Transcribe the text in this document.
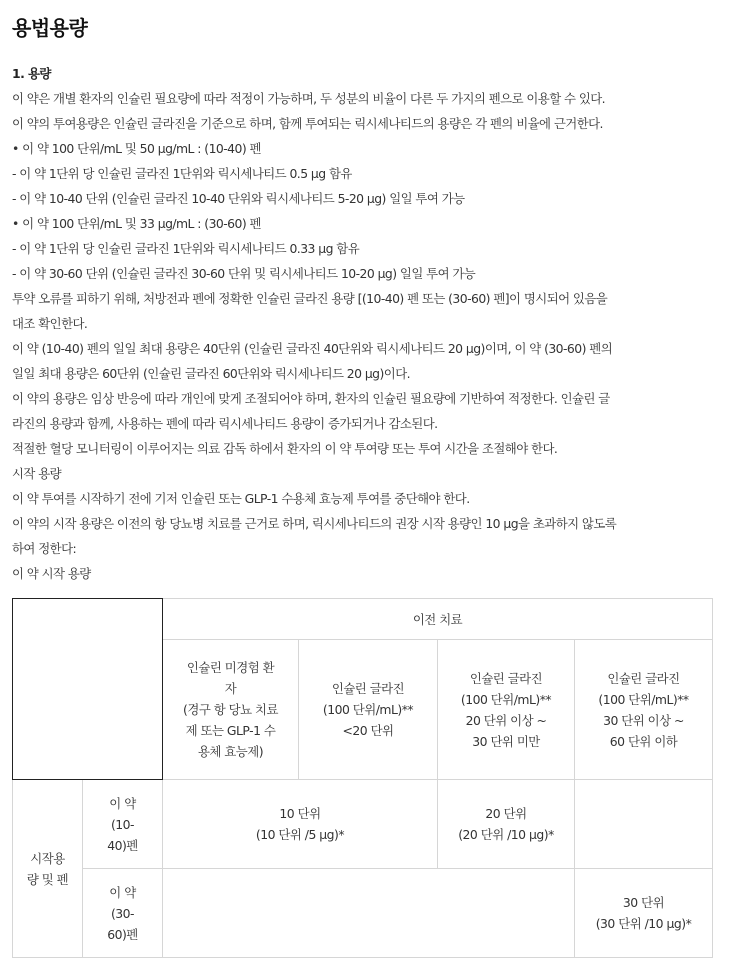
용법용량

1. 용량

이 약은 개별 환자의 인슐린 필요량에 따라 적정이 가능하며, 두 성분의 비율이 다른 두 가지의 펜으로 이용할 수 있다.

이 약의 투여용량은 인슐린 글라진을 기준으로 하며, 함께 투여되는 릭시세나티드의 용량은 각 펜의 비율에 근거한다.

• 이 약 100 단위/mL 및 50 μg/mL : (10-40) 펜

- 이 약 1단위 당 인슐린 글라진 1단위와 릭시세나티드 0.5 μg 함유

- 이 약 10-40 단위 (인슐린 글라진 10-40 단위와 릭시세나티드 5-20 μg) 일일 투여 가능

• 이 약 100 단위/mL 및 33 μg/mL : (30-60) 펜

- 이 약 1단위 당 인슐린 글라진 1단위와 릭시세나티드 0.33 μg 함유

- 이 약 30-60 단위 (인슐린 글라진 30-60 단위 및 릭시세나티드 10-20 μg) 일일 투여 가능

투약 오류를 피하기 위해, 처방전과 펜에 정확한 인슐린 글라진 용량 [(10-40) 펜 또는 (30-60) 펜]이 명시되어 있음을

대조 확인한다.

이 약 (10-40) 펜의 일일 최대 용량은 40단위 (인슐린 글라진 40단위와 릭시세나티드 20 μg)이며, 이 약 (30-60) 펜의

일일 최대 용량은 60단위 (인슐린 글라진 60단위와 릭시세나티드 20 μg)이다.

이 약의 용량은 임상 반응에 따라 개인에 맞게 조절되어야 하며, 환자의 인슐린 필요량에 기반하여 적정한다. 인슐린 글

라진의 용량과 함께, 사용하는 펜에 따라 릭시세나티드 용량이 증가되거나 감소된다.

적절한 혈당 모니터링이 이루어지는 의료 감독 하에서 환자의 이 약 투여량 또는 투여 시간을 조절해야 한다.

시작 용량

이 약 투여를 시작하기 전에 기저 인슐린 또는 GLP-1 수용체 효능제 투여를 중단해야 한다.

이 약의 시작 용량은 이전의 항 당뇨병 치료를 근거로 하며, 릭시세나티드의 권장 시작 용량인 10 μg을 초과하지 않도록

하여 정한다:

이 약 시작 용량

		이전 치료			

		인슐린 미경험 환
자
(경구 항 당뇨 치료
제 또는 GLP-1 수
용체 효능제)	인슐린 글라진
(100 단위/mL)**
<20 단위	인슐린 글라진
(100 단위/mL)**
20 단위 이상 ~
30 단위 미만	인슐린 글라진
(100 단위/mL)**
30 단위 이상 ~
60 단위 이하

시작용
량 및 펜	이 약
(10-
40)펜	10 단위
(10 단위 /5 μg)*		20 단위
(20 단위 /10 μg)*	

	이 약
(30-
60)펜				30 단위
(30 단위 /10 μg)*
